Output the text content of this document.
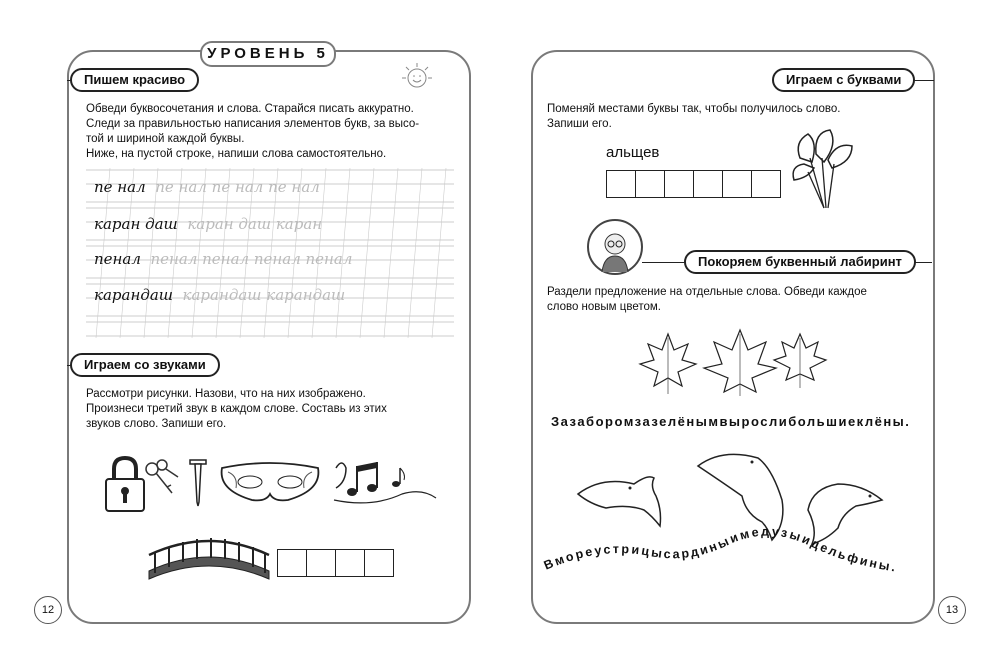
УРОВЕНЬ 5
Пишем красиво
Обведи буквосочетания и слова. Старайся писать аккуратно.
Следи за правильностью написания элементов букв, за высо-
той и шириной каждой буквы.
Ниже, на пустой строке, напиши слова самостоятельно.
пе нал пе нал пе нал пе нал
каран даш каран даш каран
пенал пенал пенал пенал пенал
карандаш карандаш карандаш
Играем со звуками
Рассмотри рисунки. Назови, что на них изображено.
Произнеси третий звук в каждом слове. Составь из этих
звуков слово. Запиши его.
12
Играем с буквами
Поменяй местами буквы так, чтобы получилось слово.
Запиши его.
альщев
Покоряем буквенный лабиринт
Раздели предложение на отдельные слова. Обведи каждое
слово новым цветом.
Зазаборомзазелёнымвырослибольшиеклёны.
Вморeустрицысардиныимедузыидельфины.
13
